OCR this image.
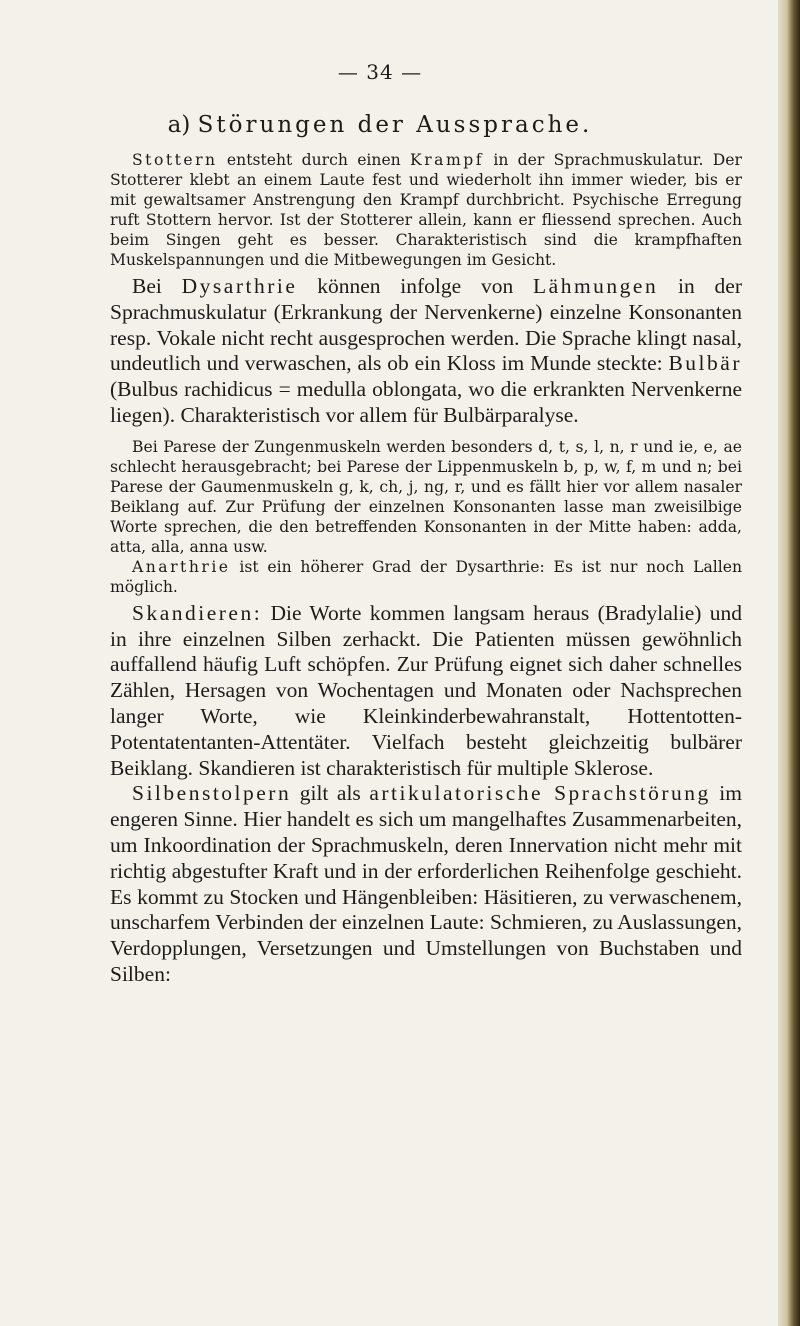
— 34 —
a) Störungen der Aussprache.

Stottern entsteht durch einen Krampf in der Sprachmuskulatur. Der Stotterer klebt an einem Laute fest und wiederholt ihn immer wieder, bis er mit gewaltsamer Anstrengung den Krampf durchbricht. Psychische Erregung ruft Stottern hervor. Ist der Stotterer allein, kann er fliessend sprechen. Auch beim Singen geht es besser. Charakteristisch sind die krampfhaften Muskelspannungen und die Mitbewegungen im Gesicht.

Bei Dysarthrie können infolge von Lähmungen in der Sprachmuskulatur (Erkrankung der Nervenkerne) einzelne Konsonanten resp. Vokale nicht recht ausgesprochen werden. Die Sprache klingt nasal, undeutlich und verwaschen, als ob ein Kloss im Munde steckte: Bulbär (Bulbus rachidicus = medulla oblongata, wo die erkrankten Nervenkerne liegen). Charakteristisch vor allem für Bulbärparalyse.

Bei Parese der Zungenmuskeln werden besonders d, t, s, l, n, r und ie, e, ae schlecht herausgebracht; bei Parese der Lippenmuskeln b, p, w, f, m und n; bei Parese der Gaumenmuskeln g, k, ch, j, ng, r, und es fällt hier vor allem nasaler Beiklang auf. Zur Prüfung der einzelnen Konsonanten lasse man zweisilbige Worte sprechen, die den betreffenden Konsonanten in der Mitte haben: adda, atta, alla, anna usw.

Anarthrie ist ein höherer Grad der Dysarthrie: Es ist nur noch Lallen möglich.

Skandieren: Die Worte kommen langsam heraus (Bradylalie) und in ihre einzelnen Silben zerhackt. Die Patienten müssen gewöhnlich auffallend häufig Luft schöpfen. Zur Prüfung eignet sich daher schnelles Zählen, Hersagen von Wochentagen und Monaten oder Nachsprechen langer Worte, wie Kleinkinderbewahranstalt, Hottentotten-Potentatentanten-Attentäter. Vielfach besteht gleichzeitig bulbärer Beiklang. Skandieren ist charakteristisch für multiple Sklerose.

Silbenstolpern gilt als artikulatorische Sprachstörung im engeren Sinne. Hier handelt es sich um mangelhaftes Zusammenarbeiten, um Inkoordination der Sprachmuskeln, deren Innervation nicht mehr mit richtig abgestufter Kraft und in der erforderlichen Reihenfolge geschieht. Es kommt zu Stocken und Hängenbleiben: Häsitieren, zu verwaschenem, unscharfem Verbinden der einzelnen Laute: Schmieren, zu Auslassungen, Verdopplungen, Versetzungen und Umstellungen von Buchstaben und Silben:
